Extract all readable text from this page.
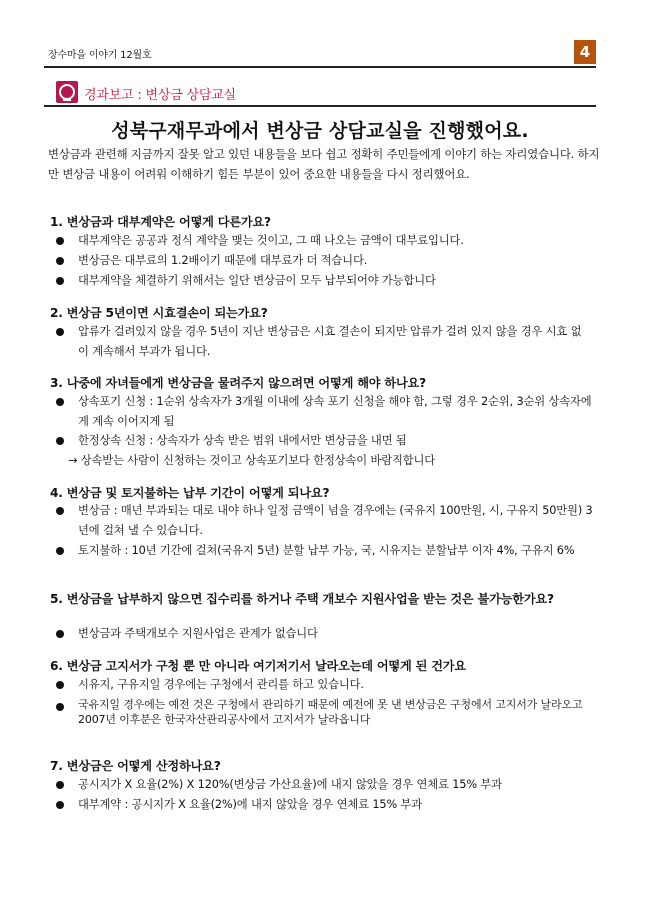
장수마을 이야기 12월호	4
경과보고 : 변상금 상담교실
성북구재무과에서 변상금 상담교실을 진행했어요.
변상금과 관련해 지금까지 잘못 알고 있던 내용들을 보다 쉽고 정확히 주민들에게 이야기 하는 자리였습니다. 하지만 변상금 내용이 어려워 이해하기 힘든 부분이 있어 중요한 내용들을 다시 정리했어요.
1. 변상금과 대부계약은 어떻게 다른가요?
대부계약은 공공과 정식 계약을 맺는 것이고, 그 때 나오는 금액이 대부료입니다.
변상금은 대부료의 1.2배이기 때문에 대부료가 더 적습니다.
대부계약을 체결하기 위해서는 일단 변상금이 모두 납부되어야 가능합니다
2. 변상금 5년이면 시효결손이 되는가요?
압류가 걸려있지 않을 경우 5년이 지난 변상금은 시효 결손이 되지만 압류가 걸려 있지 않을 경우 시효 없이 계속해서 부과가 됩니다.
3. 나중에 자녀들에게 변상금을 물려주지 않으려면 어떻게 해야 하나요?
상속포기 신청 : 1순위 상속자가 3개월 이내에 상속 포기 신청을 해야 함, 그렇 경우 2순위, 3순위 상속자에게 계속 이어지게 됨
한정상속 신청 : 상속자가 상속 받은 범위 내에서만 변상금을 내면 됨
→ 상속받는 사람이 신청하는 것이고 상속포기보다 한정상속이 바람직합니다
4. 변상금 및 토지불하는 납부 기간이 어떻게 되나요?
변상금 : 매년 부과되는 대로 내야 하나 일정 금액이 넘을 경우에는 (국유지 100만원, 시, 구유지 50만원) 3년에 걸쳐 낼 수 있습니다.
토지불하 : 10년 기간에 걸쳐(국유지 5년) 분할 납부 가능, 국, 시유지는 분할납부 이자 4%, 구유지 6%
5. 변상금을 납부하지 않으면 집수리를 하거나 주택 개보수 지원사업을 받는 것은 불가능한가요?
변상금과 주택개보수 지원사업은 관계가 없습니다
6. 변상금 고지서가 구청 뿐 만 아니라 여기저기서 날라오는데 어떻게 된 건가요
시유지, 구유지일 경우에는 구청에서 관리를 하고 있습니다.
국유지일 경우에는 예전 것은 구청에서 관리하기 때문에 예전에 못 낸 변상금은 구청에서 고지서가 날라오고 2007년 이후분은 한국자산관리공사에서 고지서가 날라옵니다
7. 변상금은 어떻게 산정하나요?
공시지가 X 요율(2%) X 120%(변상금 가산요율)에 내지 않았을 경우 연체료 15% 부과
대부계약 : 공시지가 X 요율(2%)에 내지 않았을 경우 연체료 15% 부과
